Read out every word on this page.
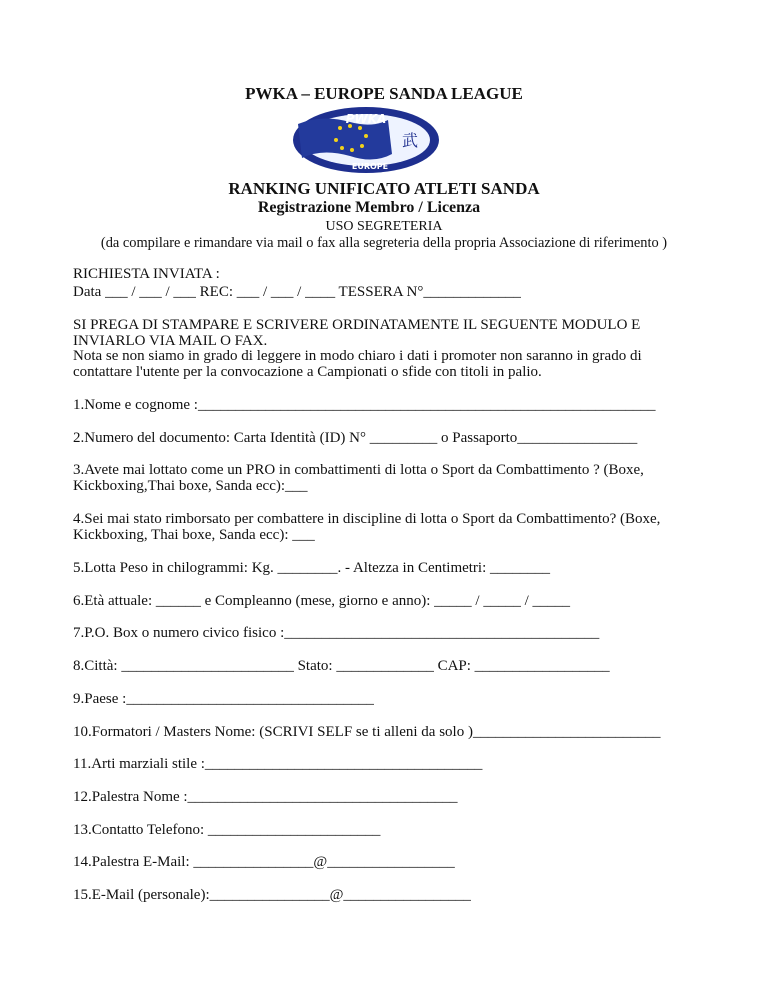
PWKA – EUROPE SANDA LEAGUE
PWKA
EUROPE
武
RANKING UNIFICATO ATLETI SANDA
Registrazione Membro / Licenza
USO SEGRETERIA
(da compilare e rimandare via mail o fax alla segreteria della propria Associazione di riferimento )
RICHIESTA INVIATA :
Data ___ / ___ / ___ REC: ___ / ___ / ____ TESSERA N°_____________
SI PREGA DI STAMPARE E SCRIVERE ORDINATAMENTE IL SEGUENTE MODULO E
INVIARLO VIA MAIL O FAX.
Nota se non siamo in grado di leggere in modo chiaro i dati i promoter non saranno in grado di
contattare l'utente per la convocazione a Campionati o sfide con titoli in palio.
1.Nome e cognome :_____________________________________________________________
2.Numero del documento: Carta Identità (ID) N° _________ o Passaporto________________
3.Avete mai lottato come un PRO in combattimenti di lotta o Sport da Combattimento ? (Boxe,
Kickboxing,Thai boxe, Sanda ecc):___
4.Sei mai stato rimborsato per combattere in discipline di lotta o Sport da Combattimento? (Boxe,
Kickboxing, Thai boxe, Sanda ecc): ___
5.Lotta Peso in chilogrammi: Kg. ________. - Altezza in Centimetri: ________
6.Età attuale: ______ e Compleanno (mese, giorno e anno): _____ / _____ / _____
7.P.O. Box o numero civico fisico :__________________________________________
8.Città: _______________________ Stato: _____________ CAP: __________________
9.Paese :_________________________________
10.Formatori / Masters Nome: (SCRIVI SELF se ti alleni da solo )_________________________
11.Arti marziali stile :_____________________________________
12.Palestra Nome :____________________________________
13.Contatto Telefono: _______________________
14.Palestra E-Mail: ________________@_________________
15.E-Mail (personale):________________@_________________
